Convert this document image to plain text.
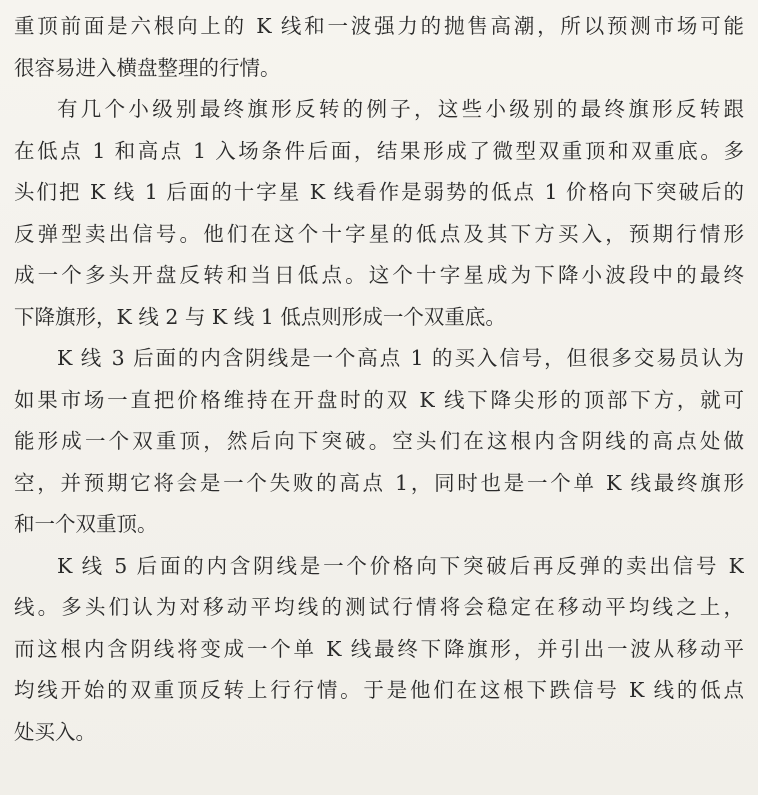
重顶前面是六根向上的 K 线和一波强力的抛售高潮，所以预测市场可能
很容易进入横盘整理的行情。
有几个小级别最终旗形反转的例子，这些小级别的最终旗形反转跟
在低点 1 和高点 1 入场条件后面，结果形成了微型双重顶和双重底。多
头们把 K 线 1 后面的十字星 K 线看作是弱势的低点 1 价格向下突破后的
反弹型卖出信号。他们在这个十字星的低点及其下方买入，预期行情形
成一个多头开盘反转和当日低点。这个十字星成为下降小波段中的最终
下降旗形，K 线 2 与 K 线 1 低点则形成一个双重底。
K 线 3 后面的内含阴线是一个高点 1 的买入信号，但很多交易员认为
如果市场一直把价格维持在开盘时的双 K 线下降尖形的顶部下方，就可
能形成一个双重顶，然后向下突破。空头们在这根内含阴线的高点处做
空，并预期它将会是一个失败的高点 1，同时也是一个单 K 线最终旗形
和一个双重顶。
K 线 5 后面的内含阴线是一个价格向下突破后再反弹的卖出信号 K
线。多头们认为对移动平均线的测试行情将会稳定在移动平均线之上，
而这根内含阴线将变成一个单 K 线最终下降旗形，并引出一波从移动平
均线开始的双重顶反转上行行情。于是他们在这根下跌信号 K 线的低点
处买入。
